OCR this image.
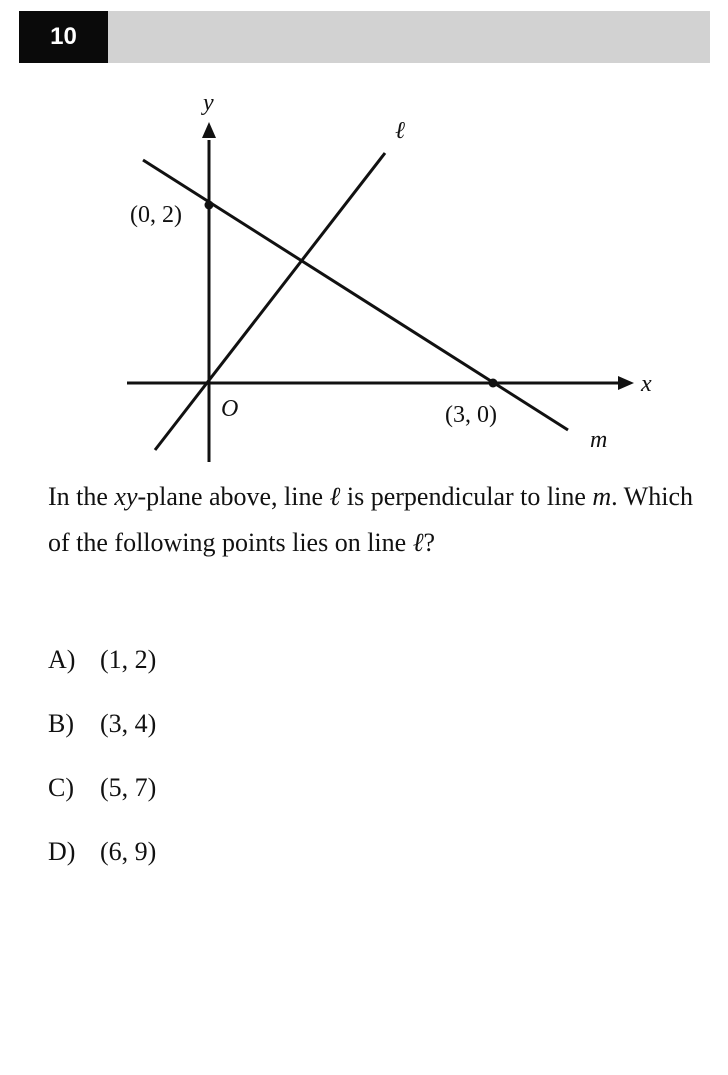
10
y
x
O
ℓ
m
(0, 2)
(3, 0)

In the xy-plane above, line ℓ is perpendicular to line m. Which of the following points lies on line ℓ?

A) (1, 2)
B)	(3, 4)
C)	(5, 7)
D) (6, 9)
